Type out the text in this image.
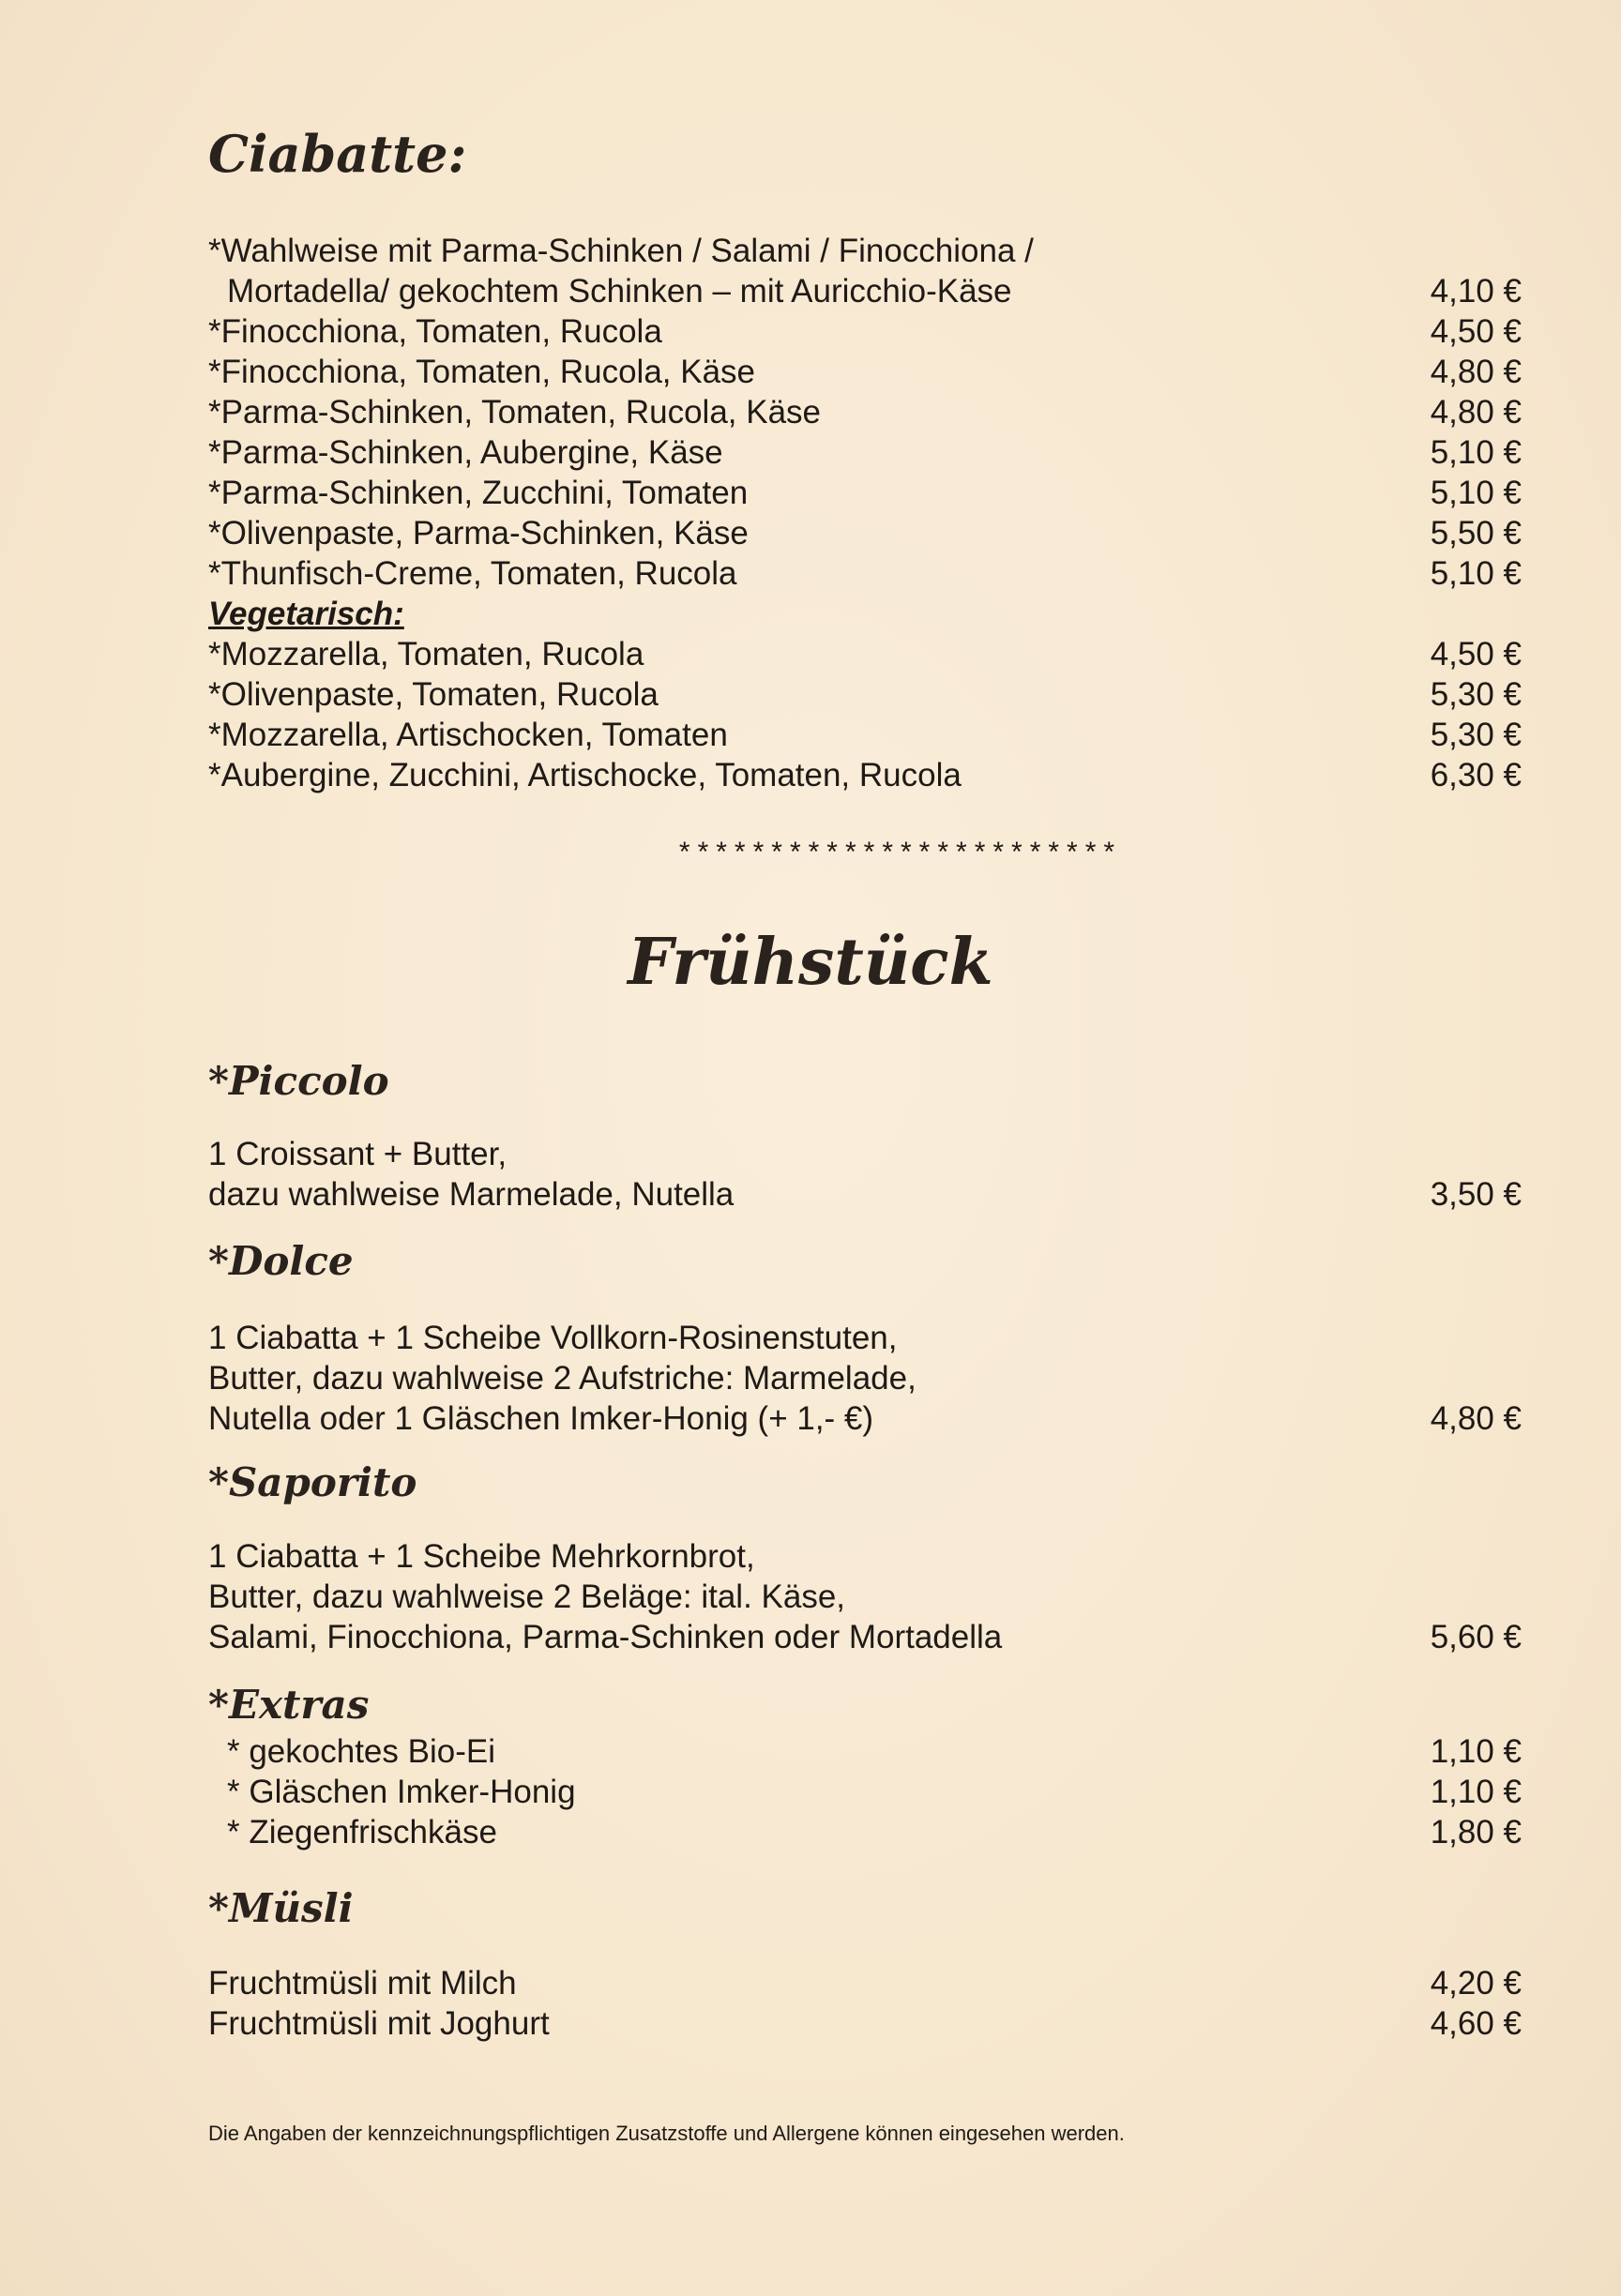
Ciabatte:
*Wahlweise mit Parma-Schinken / Salami / Finocchiona /
Mortadella/ gekochtem Schinken – mit Auricchio-Käse	4,10 €
*Finocchiona, Tomaten, Rucola	4,50 €
*Finocchiona, Tomaten, Rucola, Käse	4,80 €
*Parma-Schinken, Tomaten, Rucola, Käse	4,80 €
*Parma-Schinken, Aubergine, Käse	5,10 €
*Parma-Schinken, Zucchini, Tomaten	5,10 €
*Olivenpaste, Parma-Schinken, Käse	5,50 €
*Thunfisch-Creme, Tomaten, Rucola	5,10 €
Vegetarisch:
*Mozzarella, Tomaten, Rucola	4,50 €
*Olivenpaste, Tomaten, Rucola	5,30 €
*Mozzarella, Artischocken, Tomaten	5,30 €
*Aubergine, Zucchini, Artischocke, Tomaten, Rucola	6,30 €
************************
Frühstück
*Piccolo
1 Croissant + Butter,
dazu wahlweise Marmelade, Nutella	3,50 €
*Dolce
1 Ciabatta + 1 Scheibe Vollkorn-Rosinenstuten,
Butter, dazu wahlweise 2 Aufstriche: Marmelade,
Nutella oder 1 Gläschen Imker-Honig (+ 1,- €)	4,80 €
*Saporito
1 Ciabatta + 1 Scheibe Mehrkornbrot,
Butter, dazu wahlweise 2 Beläge: ital. Käse,
Salami, Finocchiona, Parma-Schinken oder Mortadella	5,60 €
*Extras
* gekochtes Bio-Ei	1,10 €
* Gläschen Imker-Honig	1,10 €
* Ziegenfrischkäse	1,80 €
*Müsli
Fruchtmüsli mit Milch	4,20 €
Fruchtmüsli mit Joghurt	4,60 €
Die Angaben der kennzeichnungspflichtigen Zusatzstoffe und Allergene können eingesehen werden.
